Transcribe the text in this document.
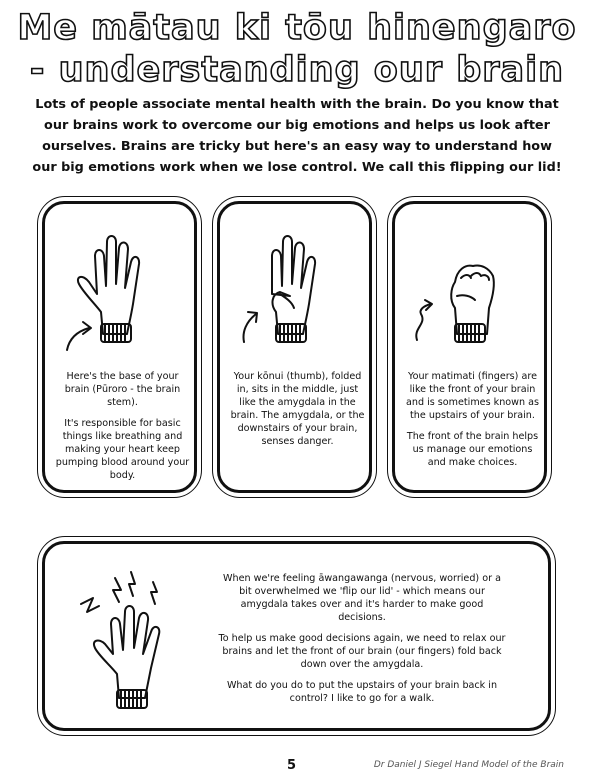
Me mātau ki tōu hinengaro
- understanding our brain
Lots of people associate mental health with the brain. Do you know that our brains work to overcome our big emotions and helps us look after ourselves. Brains are tricky but here's an easy way to understand how our big emotions work when we lose control. We call this flipping our lid!

Here's the base of your brain (Pūroro - the brain stem).

It's responsible for basic things like breathing and making your heart keep pumping blood around your body.

Your kōnui (thumb), folded in, sits in the middle, just like the amygdala in the brain. The amygdala, or the downstairs of your brain, senses danger.

Your matimati (fingers) are like the front of your brain and is sometimes known as the upstairs of your brain.

The front of the brain helps us manage our emotions and make choices.

When we're feeling āwangawanga (nervous, worried) or a bit overwhelmed we 'flip our lid' - which means our amygdala takes over and it's harder to make good decisions.

To help us make good decisions again, we need to relax our brains and let the front of our brain (our fingers) fold back down over the amygdala.

What do you do to put the upstairs of your brain back in control? I like to go for a walk.

5	Dr Daniel J Siegel Hand Model of the Brain
